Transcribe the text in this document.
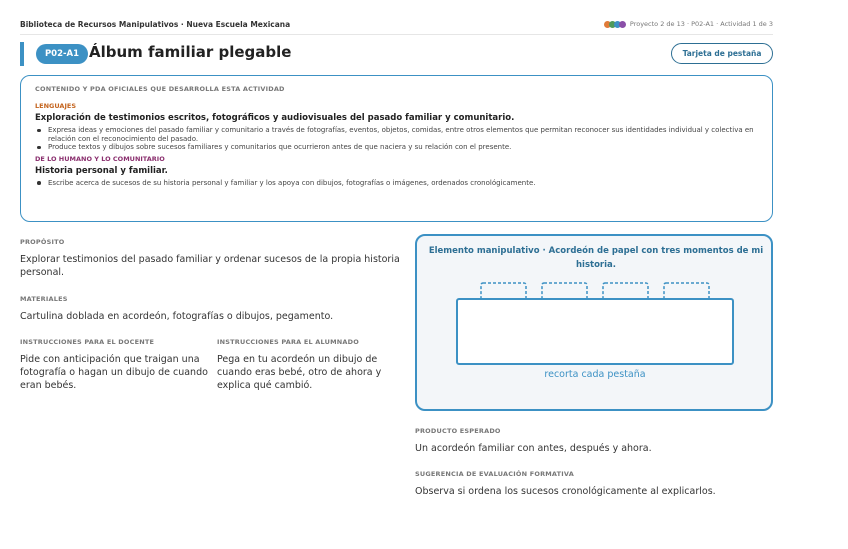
Biblioteca de Recursos Manipulativos · Nueva Escuela Mexicana	Proyecto 2 de 13 · P02-A1 · Actividad 1 de 3
P02-A1 Álbum familiar plegable	Tarjeta de pestaña
CONTENIDO Y PDA OFICIALES QUE DESARROLLA ESTA ACTIVIDAD
LENGUAJES
Exploración de testimonios escritos, fotográficos y audiovisuales del pasado familiar y comunitario.
Expresa ideas y emociones del pasado familiar y comunitario a través de fotografías, eventos, objetos, comidas, entre otros elementos que permitan reconocer sus identidades individual y colectiva en relación con el reconocimiento del pasado.
Produce textos y dibujos sobre sucesos familiares y comunitarios que ocurrieron antes de que naciera y su relación con el presente.
DE LO HUMANO Y LO COMUNITARIO
Historia personal y familiar.
Escribe acerca de sucesos de su historia personal y familiar y los apoya con dibujos, fotografías o imágenes, ordenados cronológicamente.
PROPÓSITO
Explorar testimonios del pasado familiar y ordenar sucesos de la propia historia personal.
MATERIALES
Cartulina doblada en acordeón, fotografías o dibujos, pegamento.
INSTRUCCIONES PARA EL DOCENTE
Pide con anticipación que traigan una fotografía o hagan un dibujo de cuando eran bebés.
INSTRUCCIONES PARA EL ALUMNADO
Pega en tu acordeón un dibujo de cuando eras bebé, otro de ahora y explica qué cambió.
Elemento manipulativo · Acordeón de papel con tres momentos de mi historia.
recorta cada pestaña
PRODUCTO ESPERADO
Un acordeón familiar con antes, después y ahora.
SUGERENCIA DE EVALUACIÓN FORMATIVA
Observa si ordena los sucesos cronológicamente al explicarlos.
